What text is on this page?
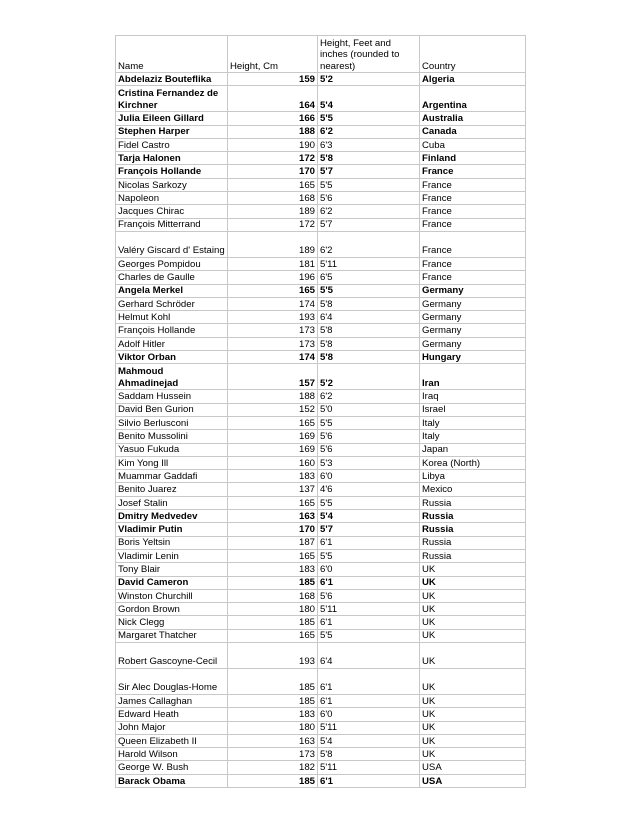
Name	Height, Cm	Height, Feet and inches (rounded to nearest)	Country
Abdelaziz Bouteflika	159	5'2	Algeria
Cristina Fernandez de Kirchner	164	5'4	Argentina
Julia Eileen Gillard	166	5'5	Australia
Stephen Harper	188	6'2	Canada
Fidel Castro	190	6'3	Cuba
Tarja Halonen	172	5'8	Finland
François Hollande	170	5'7	France
Nicolas Sarkozy	165	5'5	France
Napoleon	168	5'6	France
Jacques Chirac	189	6'2	France
François Mitterrand	172	5'7	France
Valéry Giscard d' Estaing	189	6'2	France
Georges Pompidou	181	5'11	France
Charles de Gaulle	196	6'5	France
Angela Merkel	165	5'5	Germany
Gerhard Schröder	174	5'8	Germany
Helmut Kohl	193	6'4	Germany
François Hollande	173	5'8	Germany
Adolf Hitler	173	5'8	Germany
Viktor Orban	174	5'8	Hungary
Mahmoud Ahmadinejad	157	5'2	Iran
Saddam Hussein	188	6'2	Iraq
David Ben Gurion	152	5'0	Israel
Silvio Berlusconi	165	5'5	Italy
Benito Mussolini	169	5'6	Italy
Yasuo Fukuda	169	5'6	Japan
Kim Yong Ill	160	5'3	Korea (North)
Muammar Gaddafi	183	6'0	Libya
Benito Juarez	137	4'6	Mexico
Josef Stalin	165	5'5	Russia
Dmitry Medvedev	163	5'4	Russia
Vladimir Putin	170	5'7	Russia
Boris Yeltsin	187	6'1	Russia
Vladimir Lenin	165	5'5	Russia
Tony Blair	183	6'0	UK
David Cameron	185	6'1	UK
Winston Churchill	168	5'6	UK
Gordon Brown	180	5'11	UK
Nick Clegg	185	6'1	UK
Margaret Thatcher	165	5'5	UK
Robert Gascoyne-Cecil	193	6'4	UK
Sir Alec Douglas-Home	185	6'1	UK
James Callaghan	185	6'1	UK
Edward Heath	183	6'0	UK
John Major	180	5'11	UK
Queen Elizabeth II	163	5'4	UK
Harold Wilson	173	5'8	UK
George W. Bush	182	5'11	USA
Barack Obama	185	6'1	USA
